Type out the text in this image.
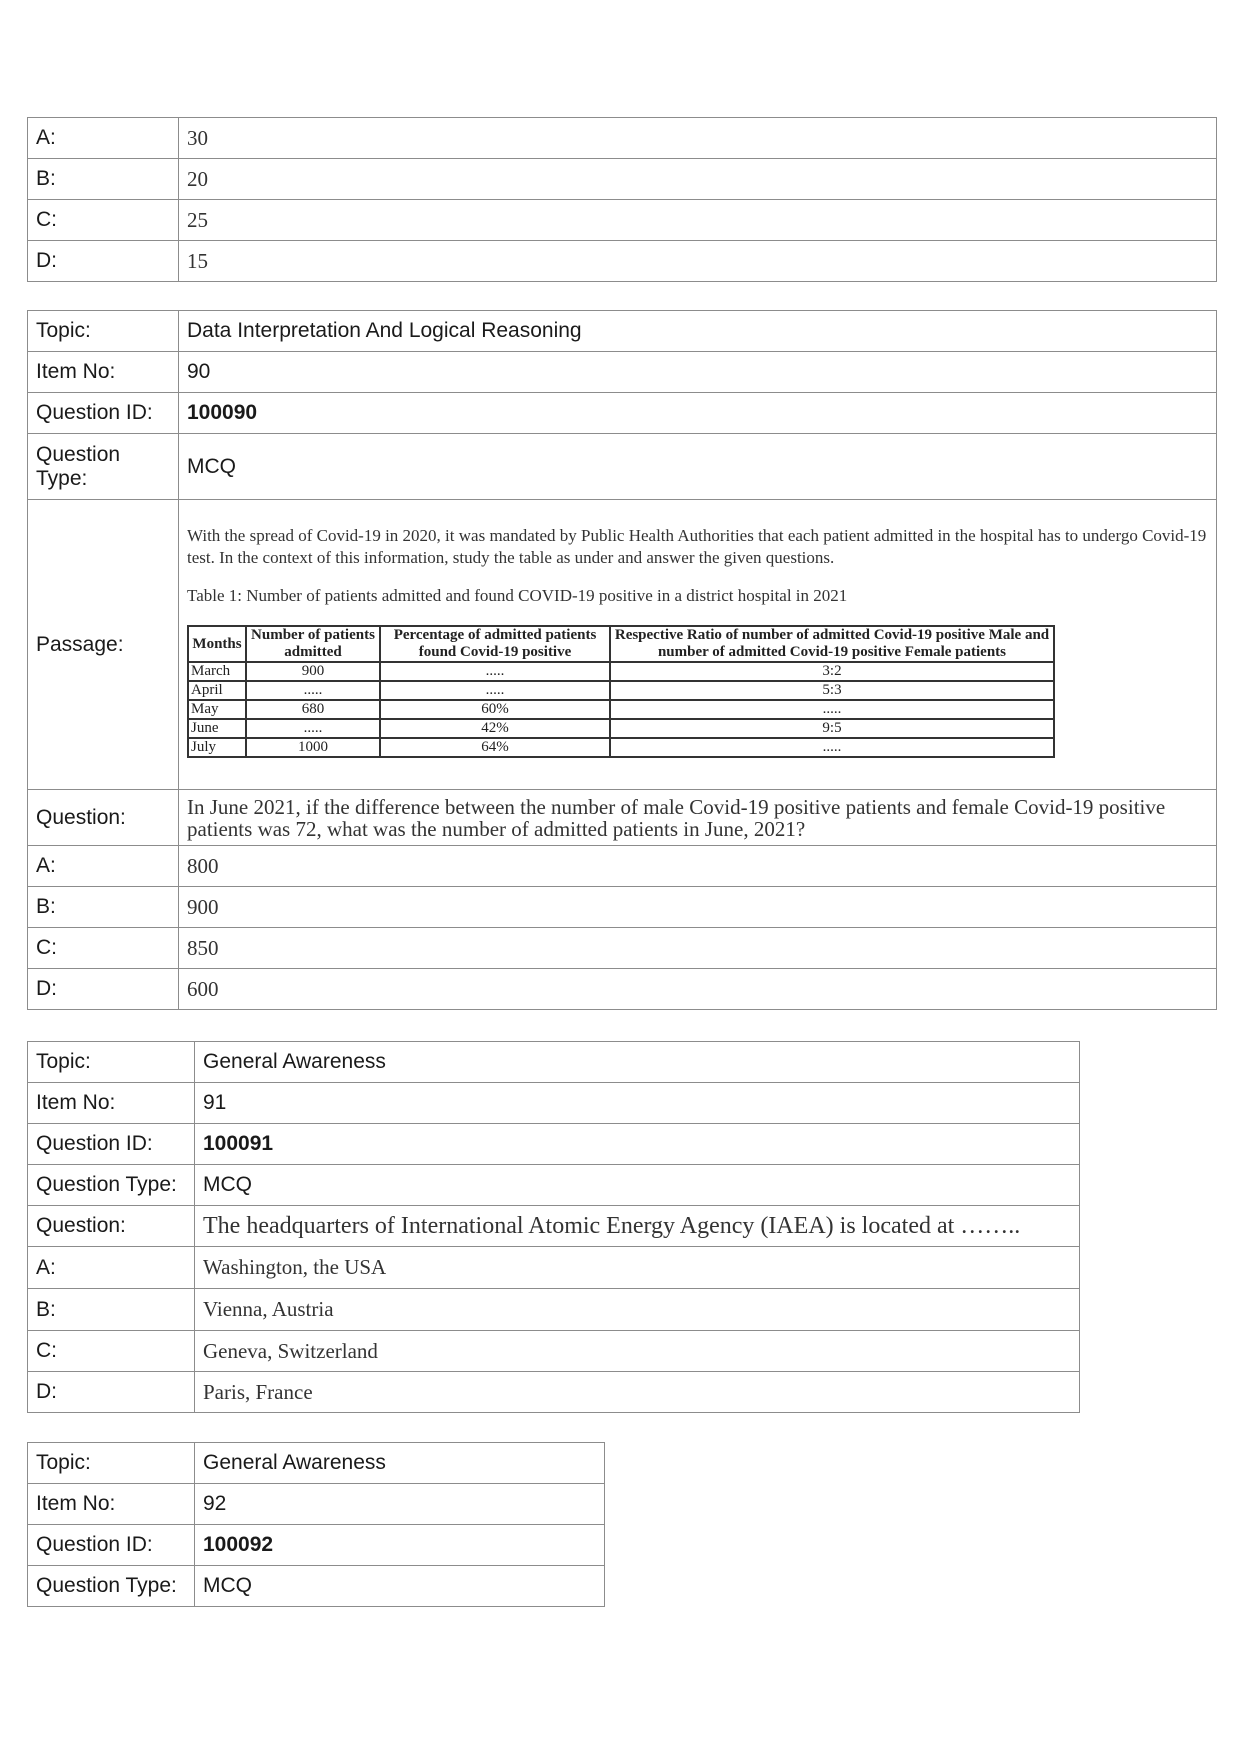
A:	30
B:	20
C:	25
D:	15
Topic:	Data Interpretation And Logical Reasoning
Item No:	90
Question ID:	100090
Question Type:	MCQ
Passage:	

With the spread of Covid-19 in 2020, it was mandated by Public Health Authorities that each patient admitted in the hospital has to undergo Covid-19 test. In the context of this information, study the table as under and answer the given questions.

Table 1: Number of patients admitted and found COVID-19 positive in a district hospital in 2021

Months	Number of patients admitted	Percentage of admitted patients found Covid-19 positive	Respective Ratio of number of admitted Covid-19 positive Male and number of admitted Covid-19 positive Female patients
March	900	.....	3:2
April	.....	.....	5:3
May	680	60%	.....
June	.....	42%	9:5
July	1000	64%	.....

Question:	In June 2021, if the difference between the number of male Covid-19 positive patients and female Covid-19 positive patients was 72, what was the number of admitted patients in June, 2021?
A:	800
B:	900
C:	850
D:	600
Topic:	General Awareness
Item No:	91
Question ID:	100091
Question Type:	MCQ
Question:	The headquarters of International Atomic Energy Agency (IAEA) is located at ……..
A:	Washington, the USA
B:	Vienna, Austria
C:	Geneva, Switzerland
D:	Paris, France
Topic:	General Awareness
Item No:	92
Question ID:	100092
Question Type:	MCQ
